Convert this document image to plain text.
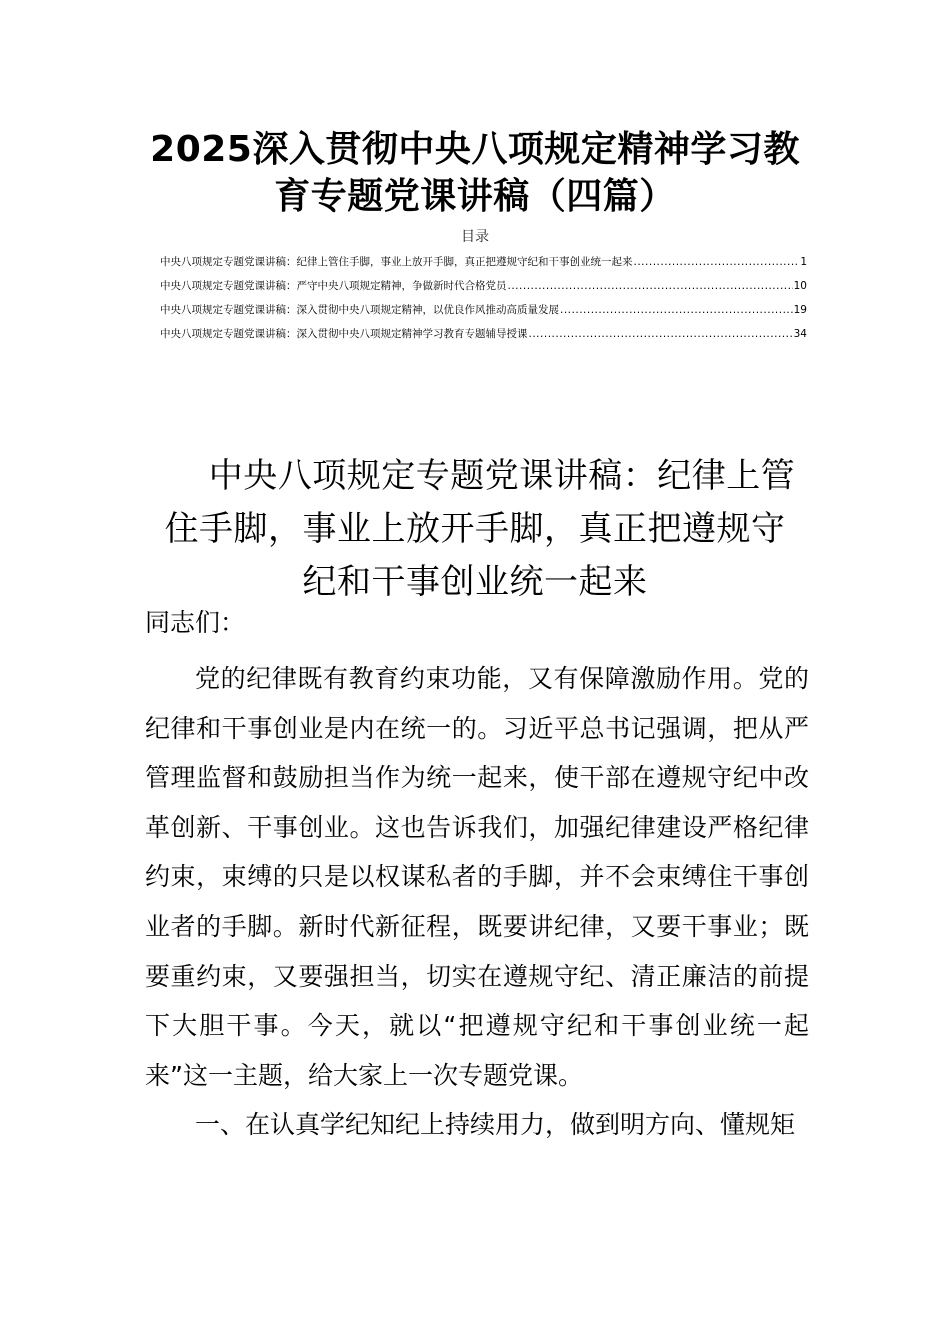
2025深入贯彻中央八项规定精神学习教育专题党课讲稿（四篇）
目录
中央八项规定专题党课讲稿：纪律上管住手脚，事业上放开手脚，真正把遵规守纪和干事创业统一起来 .....	1
中央八项规定专题党课讲稿：严守中央八项规定精神，争做新时代合格党员 .....	10
中央八项规定专题党课讲稿：深入贯彻中央八项规定精神，以优良作风推动高质量发展 .....	19
中央八项规定专题党课讲稿：深入贯彻中央八项规定精神学习教育专题辅导授课 .....	34
中央八项规定专题党课讲稿：纪律上管住手脚，事业上放开手脚，真正把遵规守纪和干事创业统一起来
同志们：
党的纪律既有教育约束功能，又有保障激励作用。党的纪律和干事创业是内在统一的。习近平总书记强调，把从严管理监督和鼓励担当作为统一起来，使干部在遵规守纪中改革创新、干事创业。这也告诉我们，加强纪律建设严格纪律约束，束缚的只是以权谋私者的手脚，并不会束缚住干事创业者的手脚。新时代新征程，既要讲纪律，又要干事业；既要重约束，又要强担当，切实在遵规守纪、清正廉洁的前提下大胆干事。今天，就以“把遵规守纪和干事创业统一起来”这一主题，给大家上一次专题党课。
一、在认真学纪知纪上持续用力，做到明方向、懂规矩
